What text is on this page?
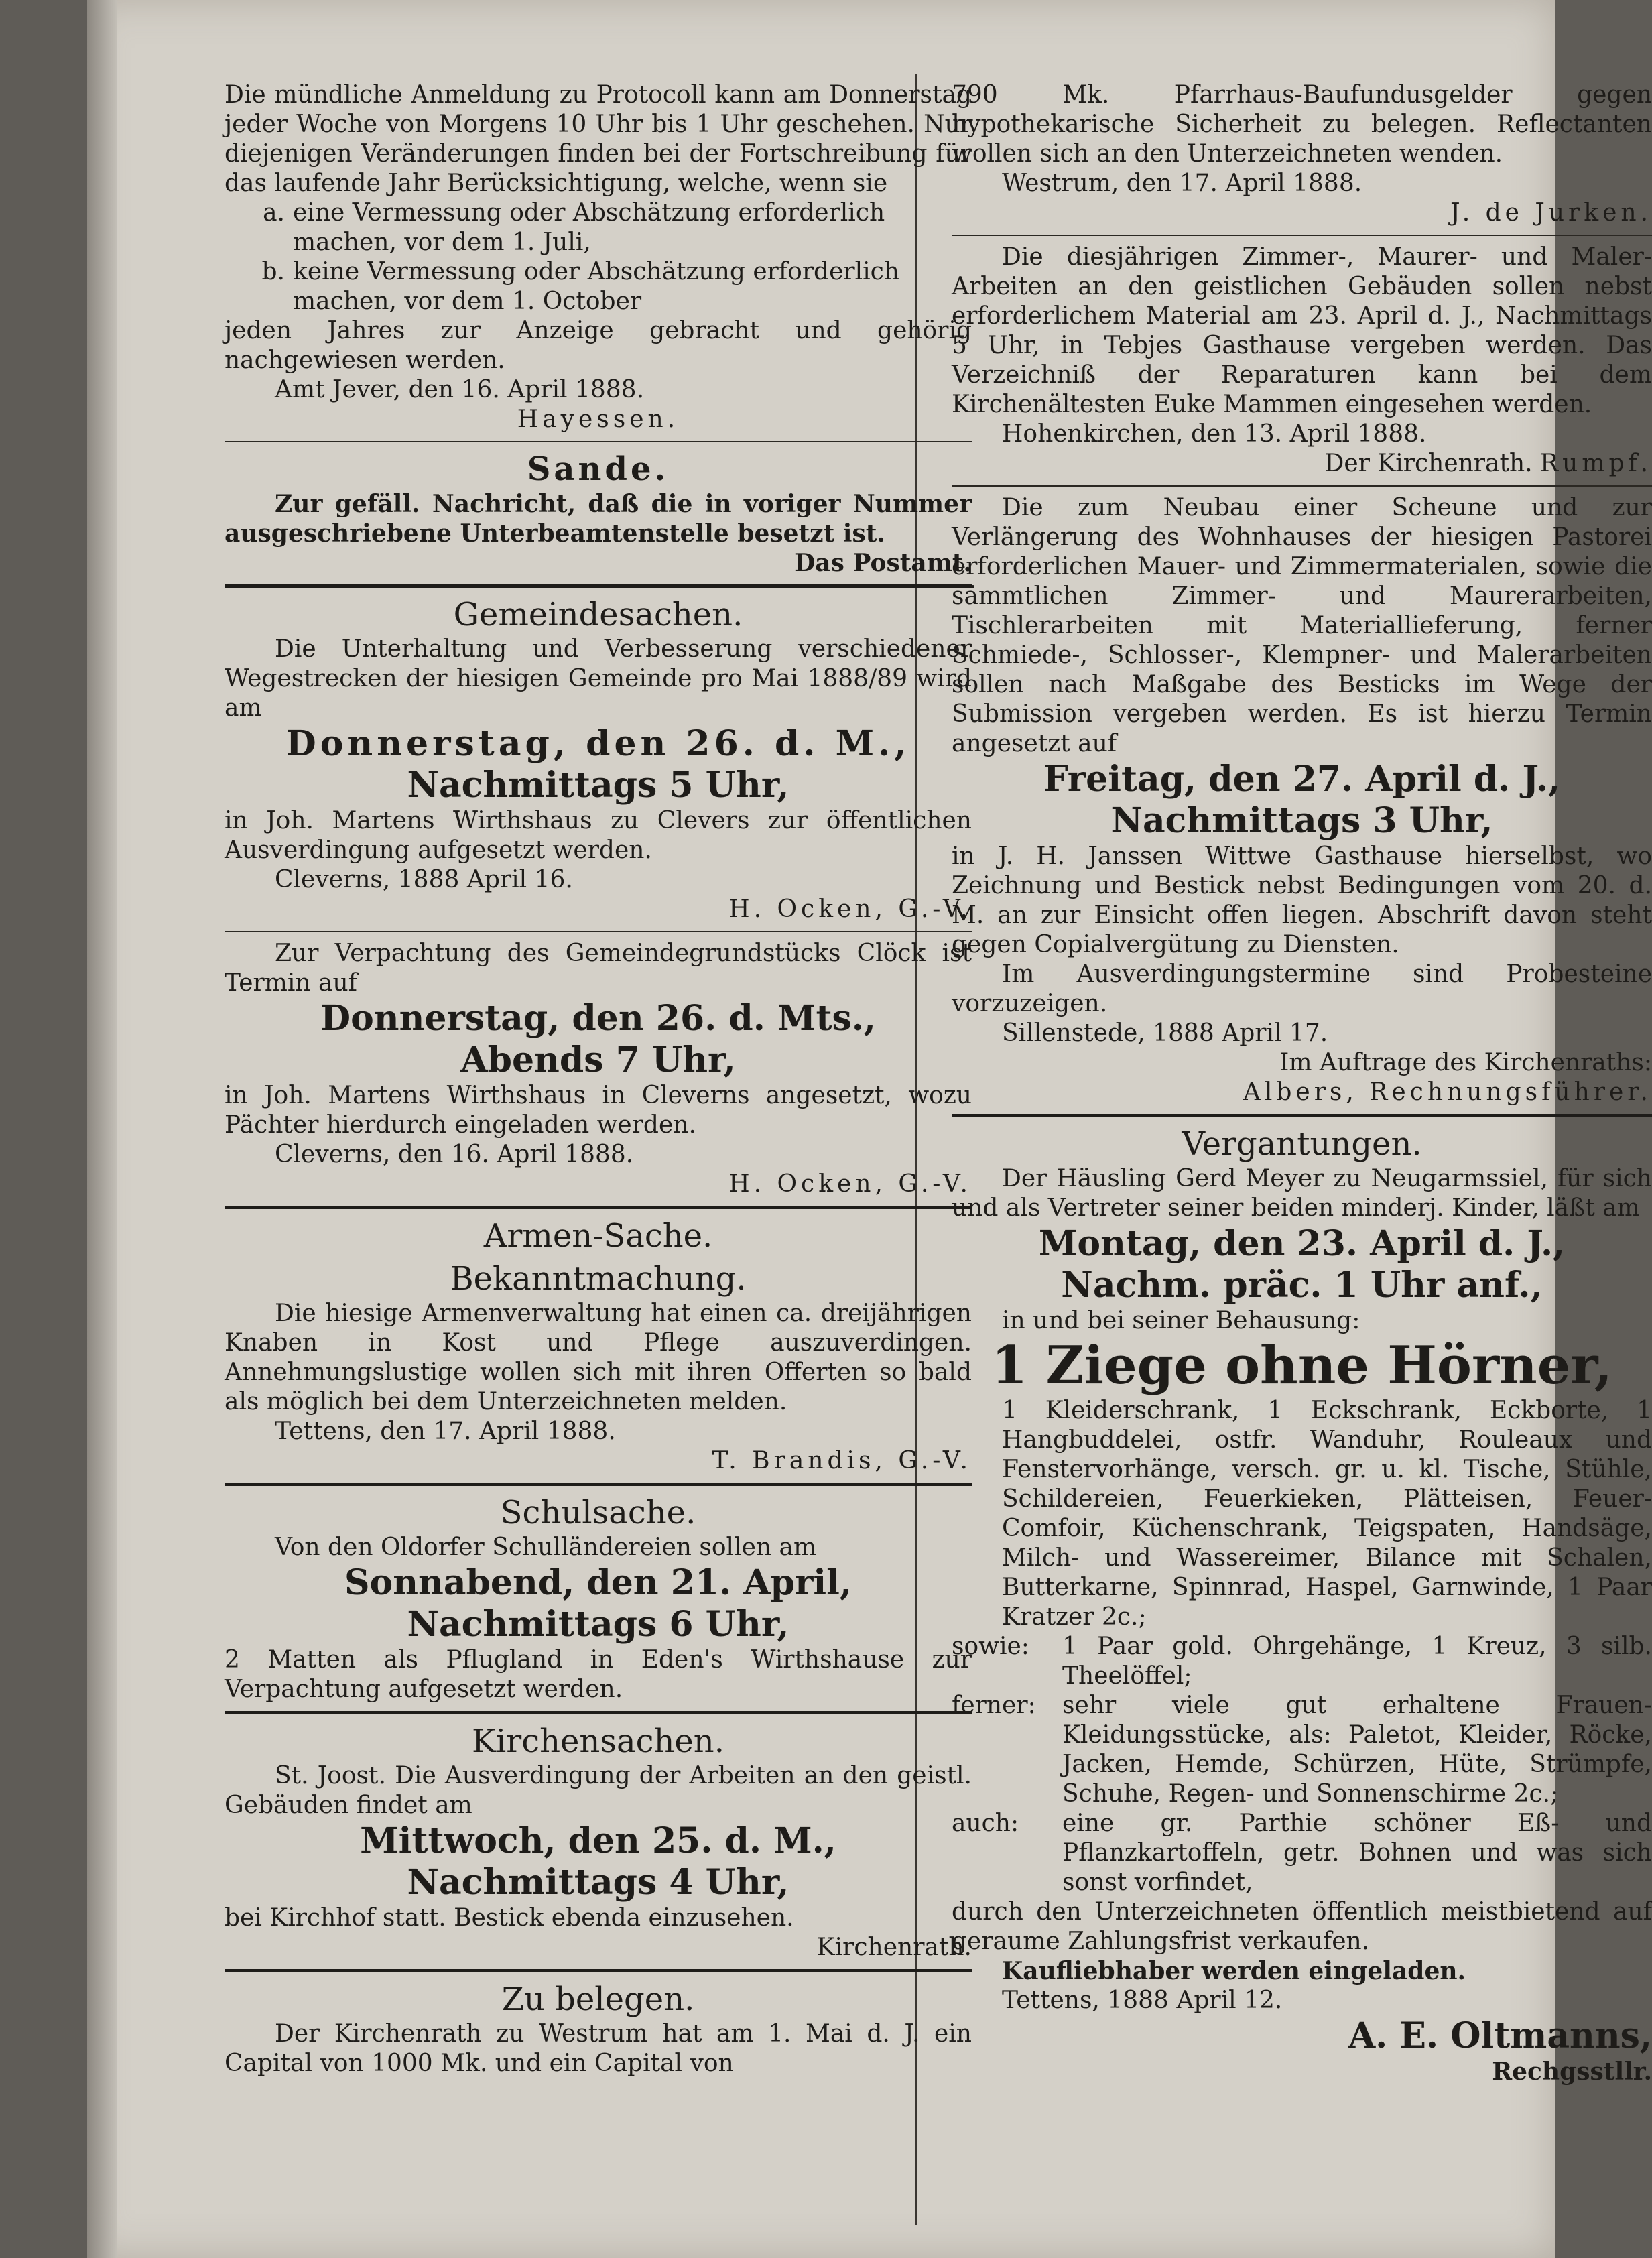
Die mündliche Anmeldung zu Protocoll kann am Donnerstag jeder Woche von Morgens 10 Uhr bis 1 Uhr geschehen. Nur diejenigen Veränderungen finden bei der Fortschreibung für das laufende Jahr Berücksichtigung, welche, wenn sie

a. eine Vermessung oder Abschätzung erforderlich machen, vor dem 1. Juli,
b. keine Vermessung oder Abschätzung erforderlich machen, vor dem 1. October

jeden Jahres zur Anzeige gebracht und gehörig nachgewiesen werden.

Amt Jever, den 16. April 1888.

Hayessen.

Sande.

Zur gefäll. Nachricht, daß die in voriger Nummer ausgeschriebene Unterbeamtenstelle besetzt ist.

Das Postamt.

Gemeindesachen.

Die Unterhaltung und Verbesserung verschiedener Wegestrecken der hiesigen Gemeinde pro Mai 1888/89 wird am

Donnerstag, den 26. d. M.,

Nachmittags 5 Uhr,

in Joh. Martens Wirthshaus zu Clevers zur öffentlichen Ausverdingung aufgesetzt werden.

Cleverns, 1888 April 16.

H. Ocken, G.-V.

Zur Verpachtung des Gemeindegrundstücks Clöck ist Termin auf

Donnerstag, den 26. d. Mts.,

Abends 7 Uhr,

in Joh. Martens Wirthshaus in Cleverns angesetzt, wozu Pächter hierdurch eingeladen werden.

Cleverns, den 16. April 1888.

H. Ocken, G.-V.

Armen-Sache.

Bekanntmachung.

Die hiesige Armenverwaltung hat einen ca. dreijährigen Knaben in Kost und Pflege auszuverdingen. Annehmungslustige wollen sich mit ihren Offerten so bald als möglich bei dem Unterzeichneten melden.

Tettens, den 17. April 1888.

T. Brandis, G.-V.

Schulsache.

Von den Oldorfer Schulländereien sollen am

Sonnabend, den 21. April,

Nachmittags 6 Uhr,

2 Matten als Pflugland in Eden's Wirthshause zur Verpachtung aufgesetzt werden.

Kirchensachen.

St. Joost. Die Ausverdingung der Arbeiten an den geistl. Gebäuden findet am

Mittwoch, den 25. d. M.,

Nachmittags 4 Uhr,

bei Kirchhof statt. Bestick ebenda einzusehen.

Kirchenrath.

Zu belegen.

Der Kirchenrath zu Westrum hat am 1. Mai d. J. ein Capital von 1000 Mk. und ein Capital von

790 Mk. Pfarrhaus-Baufundusgelder gegen hypothekarische Sicherheit zu belegen. Reflectanten wollen sich an den Unterzeichneten wenden.

Westrum, den 17. April 1888.

J. de Jurken.

Die diesjährigen Zimmer-, Maurer- und Maler-Arbeiten an den geistlichen Gebäuden sollen nebst erforderlichem Material am 23. April d. J., Nachmittags 5 Uhr, in Tebjes Gasthause vergeben werden. Das Verzeichniß der Reparaturen kann bei dem Kirchenältesten Euke Mammen eingesehen werden.

Hohenkirchen, den 13. April 1888.

Der Kirchenrath. Rumpf.

Die zum Neubau einer Scheune und zur Verlängerung des Wohnhauses der hiesigen Pastorei erforderlichen Mauer- und Zimmermaterialen, sowie die sämmtlichen Zimmer- und Maurerarbeiten, Tischlerarbeiten mit Materiallieferung, ferner Schmiede-, Schlosser-, Klempner- und Malerarbeiten sollen nach Maßgabe des Besticks im Wege der Submission vergeben werden. Es ist hierzu Termin angesetzt auf

Freitag, den 27. April d. J.,

Nachmittags 3 Uhr,

in J. H. Janssen Wittwe Gasthause hierselbst, wo Zeichnung und Bestick nebst Bedingungen vom 20. d. M. an zur Einsicht offen liegen. Abschrift davon steht gegen Copialvergütung zu Diensten.

Im Ausverdingungstermine sind Probesteine vorzuzeigen.

Sillenstede, 1888 April 17.

Im Auftrage des Kirchenraths:

Albers, Rechnungsführer.

Vergantungen.

Der Häusling Gerd Meyer zu Neugarmssiel, für sich und als Vertreter seiner beiden minderj. Kinder, läßt am

Montag, den 23. April d. J.,

Nachm. präc. 1 Uhr anf.,

in und bei seiner Behausung:

1 Ziege ohne Hörner,

1 Kleiderschrank, 1 Eckschrank, Eckborte, 1 Hangbuddelei, ostfr. Wanduhr, Rouleaux und Fenstervorhänge, versch. gr. u. kl. Tische, Stühle, Schildereien, Feuerkieken, Plätteisen, Feuer-Comfoir, Küchenschrank, Teigspaten, Handsäge, Milch- und Wassereimer, Bilance mit Schalen, Butterkarne, Spinnrad, Haspel, Garnwinde, 1 Paar Kratzer 2c.;

sowie:	1 Paar gold. Ohrgehänge, 1 Kreuz, 3 silb. Theelöffel;
ferner:	sehr viele gut erhaltene Frauen-Kleidungsstücke, als: Paletot, Kleider, Röcke, Jacken, Hemde, Schürzen, Hüte, Strümpfe, Schuhe, Regen- und Sonnenschirme 2c.;
auch:	eine gr. Parthie schöner Eß- und Pflanzkartoffeln, getr. Bohnen und was sich sonst vorfindet,

durch den Unterzeichneten öffentlich meistbietend auf geraume Zahlungsfrist verkaufen.

Kaufliebhaber werden eingeladen.

Tettens, 1888 April 12.

A. E. Oltmanns,

Rechgsstllr.
